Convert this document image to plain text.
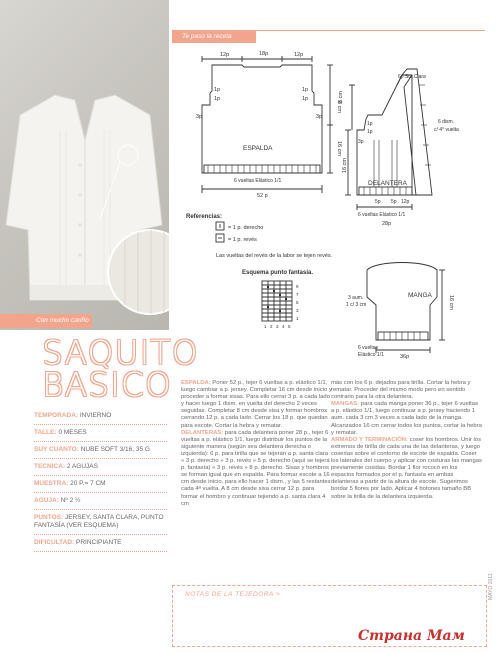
Con mucho cariño
SAQUITO
BASICO
TEMPORADA: INVIERNO
TALLE: 0 MESES
SUY CUANTO: NUBE SOFT 3/16, 35 G
TECNICA: 2 AGUJAS
MUESTRA: 20 P.= 7 CM
AGUJA: Nº 2 ½
PUNTOS: JERSEY, SANTA CLARA, PUNTO FANTASÍA (VER ESQUEMA)
DIFICULTAD: PRINCIPIANTE
Te paso la receta
12p	18p	12p
1p
1p
1p
1p
3p	3p
ESPALDA
6 vueltas Elástico 1/1
52 p
8 cm
16 cm
6p Sta.Clara
6 dism.
c/ 4° vuelta
8 cm
16 cm
1p
1p
3p
DELANTERA
5p 5p 12p
6 vueltas Elástico 1/1
28p
Referencias:
= 1 p. derecho
= 1 p. revés
Las vueltas del revés de la labor se tejen revés.
Esquema punto fantasía.
MANGA
3 aum.
1 c/ 3 cm	16 cm
6 vueltas
Elástico 1/1	36p
9
7
5
3
1
1 2 3 4 5
ESPALDA: Poner 52 p., tejer 6 vueltas a p. elástico 1/1, luego cambiar a p. jersey. Completar 16 cm desde inicio y proceder a formar sisas. Para ello cerrar 3 p. a cada lado y hacer luego 1 dism. en vuelta del derecho 2 veces seguidas. Completar 8 cm desde sisa y formar hombros cerrando 12 p. a cada lado. Cerrar los 18 p. que quedan para escote. Cortar la hebra y rematar.
DELANTERAS: para cada delantera poner 28 p., tejer 6 vueltas a p. elástico 1/1, luego distribuir los puntos de la siguiente manera (según sea delantera derecha o izquierda): 6 p. para tirilla que se tejerán a p. santa clara « 3 p. derecho » 3 p. revés » 5 p. derecho (aquí se tejerá p. fantasía) « 3 p. revés » 8 p. derecho. Sisas y hombros se forman igual que en espalda. Para formar escote a 16 cm desde inicio, para ello hacer 1 dism., y las 5 restantes cada 4ª vuelta. A 8 cm desde sisa cerrar 12 p. para formar el hombro y continuar tejiendo a p. santa clara 4 cm
más con los 6 p. dejados para tirilla. Cortar la hebra y rematar. Proceder del mismo modo pero en sentido contrario para la otra delantera.
MANGAS: para cada manga poner 36 p., tejer 6 vueltas a p. elástico 1/1, luego continuar a p. jersey haciendo 1 aum. cada 3 cm 3 veces a cada lado de la manga. Alcanzados 16 cm cerrar todos los puntos, cortar la hebra y rematar.
ARMADO Y TERMINACIÓN: coser los hombros. Unir los extremos de tirilla de cada una de las delanteras, y luego coserlas sobre el contorno de escote de espalda. Coser los laterales del cuerpo y aplicar con costuras las mangas previamente cosidas. Bordar 1 flor rococó en los espacios formados por el p. fantasía en ambas delanteras a partir de la altura de escote. Sugerimos bordar 5 flores por lado. Aplicar 4 botones tamaño BB sobre la tirilla de la delantera izquierda.
NOTAS DE LA TEJEDORA >	MAYO 2011
Страна Мам
